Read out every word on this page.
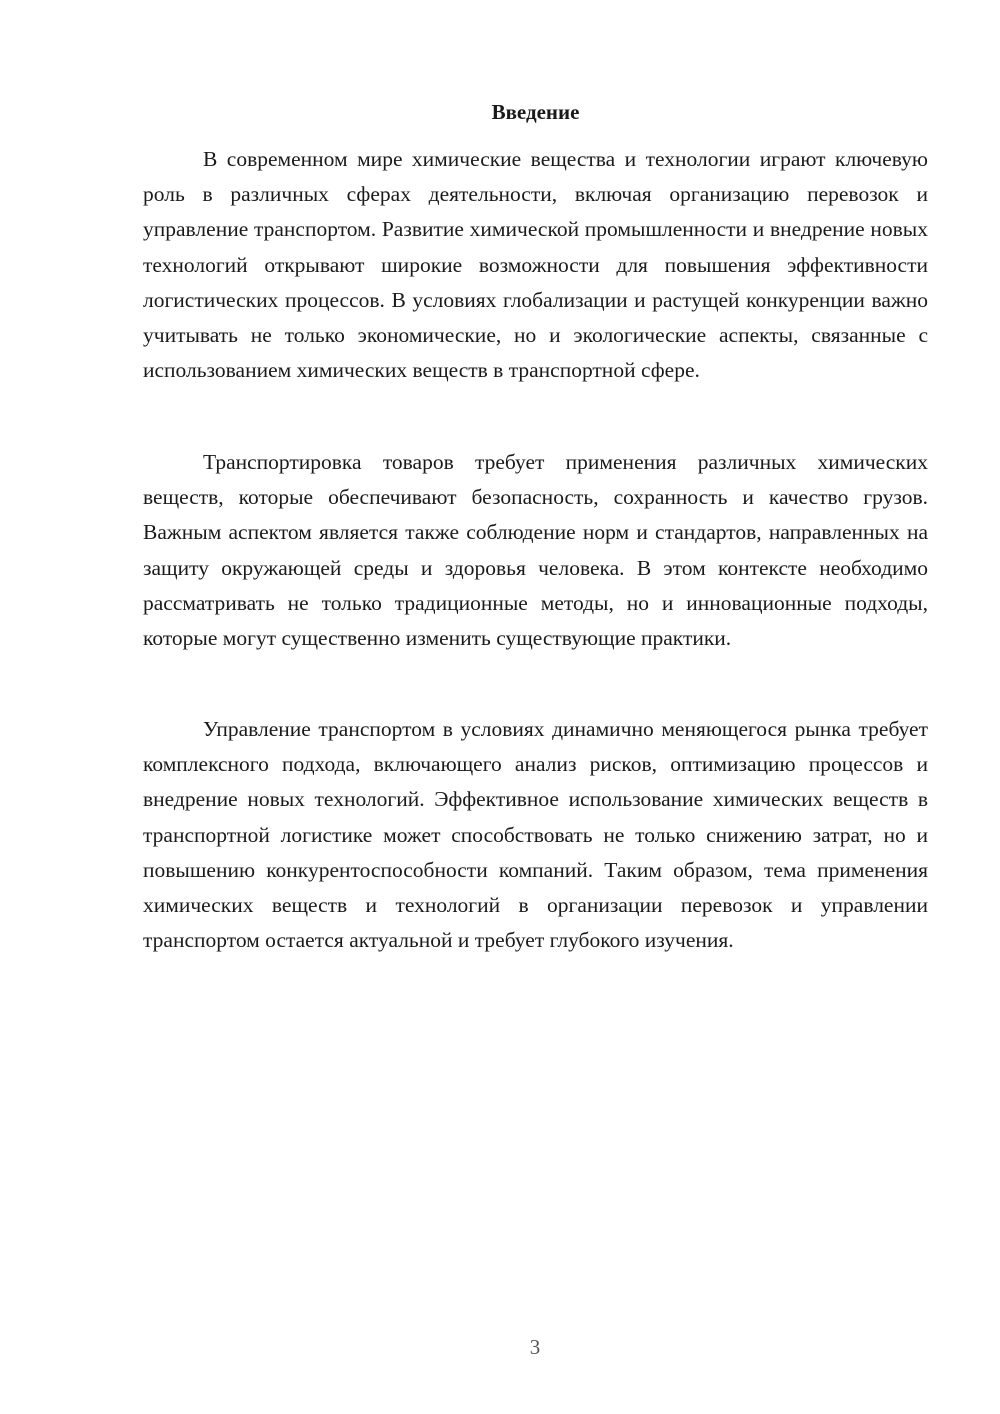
Введение

В современном мире химические вещества и технологии играют ключевую роль в различных сферах деятельности, включая организацию перевозок и управление транспортом. Развитие химической промышленности и внедрение новых технологий открывают широкие возможности для повышения эффективности логистических процессов. В условиях глобализации и растущей конкуренции важно учитывать не только экономические, но и экологические аспекты, связанные с использованием химических веществ в транспортной сфере.

Транспортировка товаров требует применения различных химических веществ, которые обеспечивают безопасность, сохранность и качество грузов. Важным аспектом является также соблюдение норм и стандартов, направленных на защиту окружающей среды и здоровья человека. В этом контексте необходимо рассматривать не только традиционные методы, но и инновационные подходы, которые могут существенно изменить существующие практики.

Управление транспортом в условиях динамично меняющегося рынка требует комплексного подхода, включающего анализ рисков, оптимизацию процессов и внедрение новых технологий. Эффективное использование химических веществ в транспортной логистике может способствовать не только снижению затрат, но и повышению конкурентоспособности компаний. Таким образом, тема применения химических веществ и технологий в организации перевозок и управлении транспортом остается актуальной и требует глубокого изучения.

3
